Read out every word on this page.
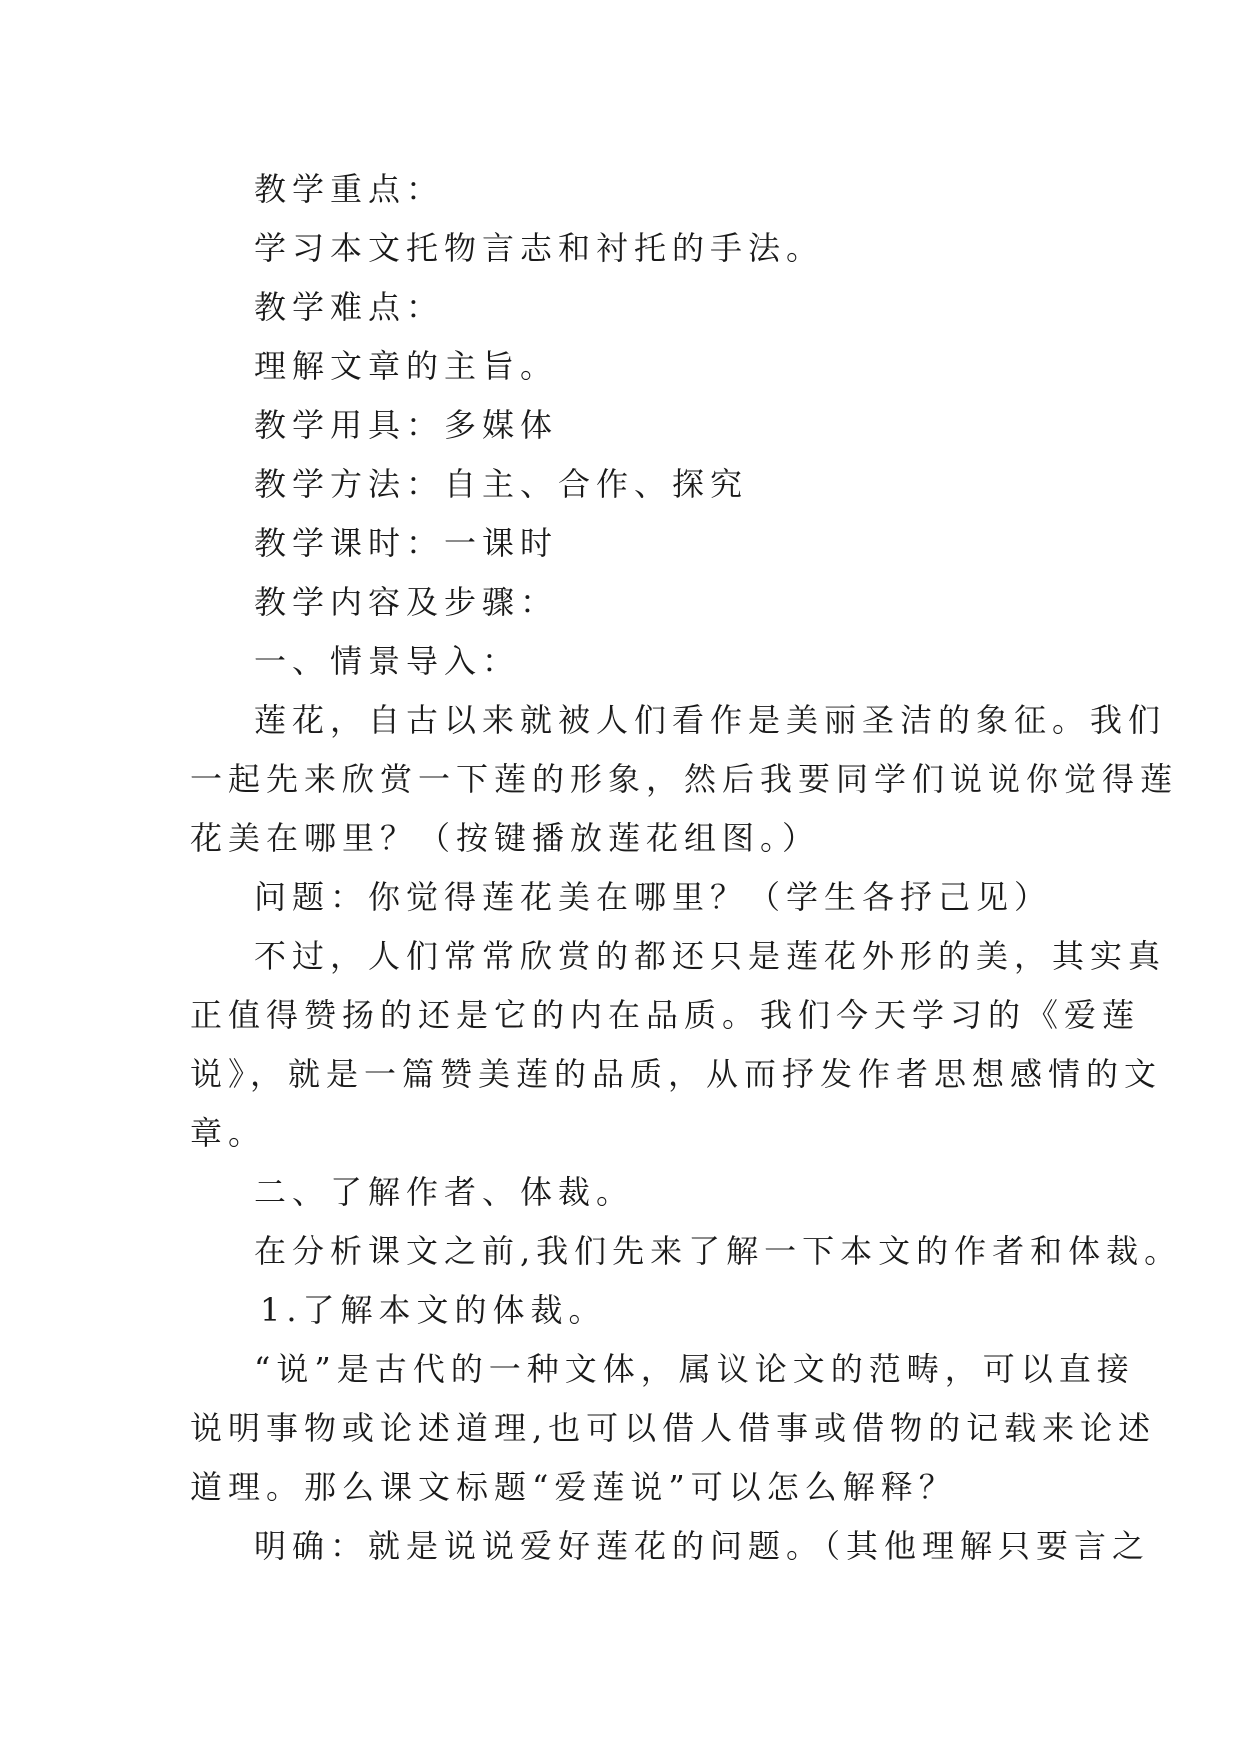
教学重点：
学习本文托物言志和衬托的手法。
教学难点：
理解文章的主旨。
教学用具：多媒体
教学方法：自主、合作、探究
教学课时：一课时
教学内容及步骤：
一、情景导入：
莲花，自古以来就被人们看作是美丽圣洁的象征。我们
一起先来欣赏一下莲的形象，然后我要同学们说说你觉得莲
花美在哪里？（按键播放莲花组图。）
问题：你觉得莲花美在哪里？（学生各抒己见）
不过，人们常常欣赏的都还只是莲花外形的美，其实真
正值得赞扬的还是它的内在品质。我们今天学习的《爱莲
说》，就是一篇赞美莲的品质，从而抒发作者思想感情的文
章。
二、了解作者、体裁。
在分析课文之前,我们先来了解一下本文的作者和体裁。
1.了解本文的体裁。
“说”是古代的一种文体，属议论文的范畴，可以直接
说明事物或论述道理,也可以借人借事或借物的记载来论述
道理。那么课文标题“爱莲说”可以怎么解释？
明确：就是说说爱好莲花的问题。（其他理解只要言之
